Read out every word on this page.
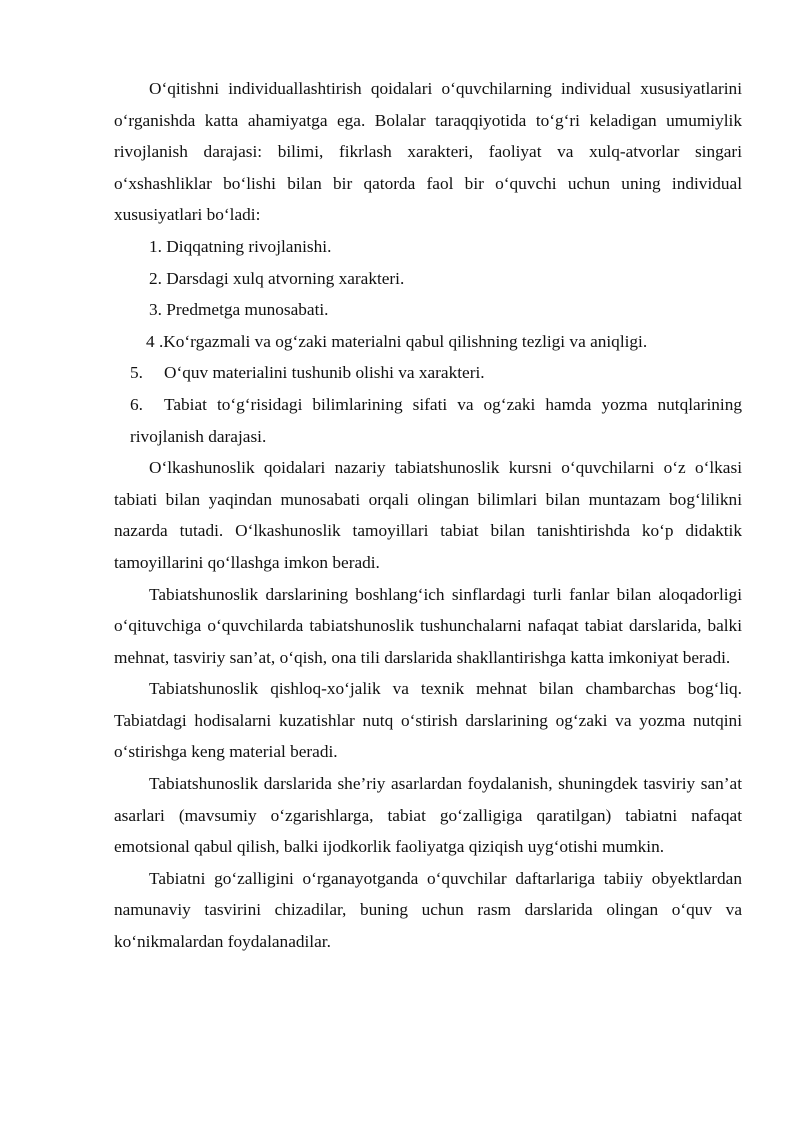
O‘qitishni individuallashtirish qoidalari o‘quvchilarning individual xususiyatlarini o‘rganishda katta ahamiyatga ega. Bolalar taraqqiyotida to‘g‘ri keladigan umumiylik rivojlanish darajasi: bilimi, fikrlash xarakteri, faoliyat va xulq-atvorlar singari o‘xshashliklar bo‘lishi bilan bir qatorda faol bir o‘quvchi uchun uning individual xususiyatlari bo‘ladi:

1. Diqqatning rivojlanishi.
2. Darsdagi xulq atvorning xarakteri.
3. Predmetga munosabati.
4 .Ko‘rgazmali va og‘zaki materialni qabul qilishning tezligi va aniqligi.
5.	O‘quv materialini tushunib olishi va xarakteri.
6. Tabiat to‘g‘risidagi bilimlarining sifati va og‘zaki hamda yozma nutqlarining rivojlanish darajasi.

O‘lkashunoslik qoidalari nazariy tabiatshunoslik kursni o‘quvchilarni o‘z o‘lkasi tabiati bilan yaqindan munosabati orqali olingan bilimlari bilan muntazam bog‘lilikni nazarda tutadi. O‘lkashunoslik tamoyillari tabiat bilan tanishtirishda ko‘p didaktik tamoyillarini qo‘llashga imkon beradi.

Tabiatshunoslik darslarining boshlang‘ich sinflardagi turli fanlar bilan aloqadorligi o‘qituvchiga o‘quvchilarda tabiatshunoslik tushunchalarni nafaqat tabiat darslarida, balki mehnat, tasviriy san’at, o‘qish, ona tili darslarida shakllantirishga katta imkoniyat beradi.

Tabiatshunoslik qishloq-xo‘jalik va texnik mehnat bilan chambarchas bog‘liq. Tabiatdagi hodisalarni kuzatishlar nutq o‘stirish darslarining og‘zaki va yozma nutqini o‘stirishga keng material beradi.

Tabiatshunoslik darslarida she’riy asarlardan foydalanish, shuningdek tasviriy san’at asarlari (mavsumiy o‘zgarishlarga, tabiat go‘zalligiga qaratilgan) tabiatni nafaqat emotsional qabul qilish, balki ijodkorlik faoliyatga qiziqish uyg‘otishi mumkin.

Tabiatni go‘zalligini o‘rganayotganda o‘quvchilar daftarlariga tabiiy obyektlardan namunaviy tasvirini chizadilar, buning uchun rasm darslarida olingan o‘quv va ko‘nikmalardan foydalanadilar.
